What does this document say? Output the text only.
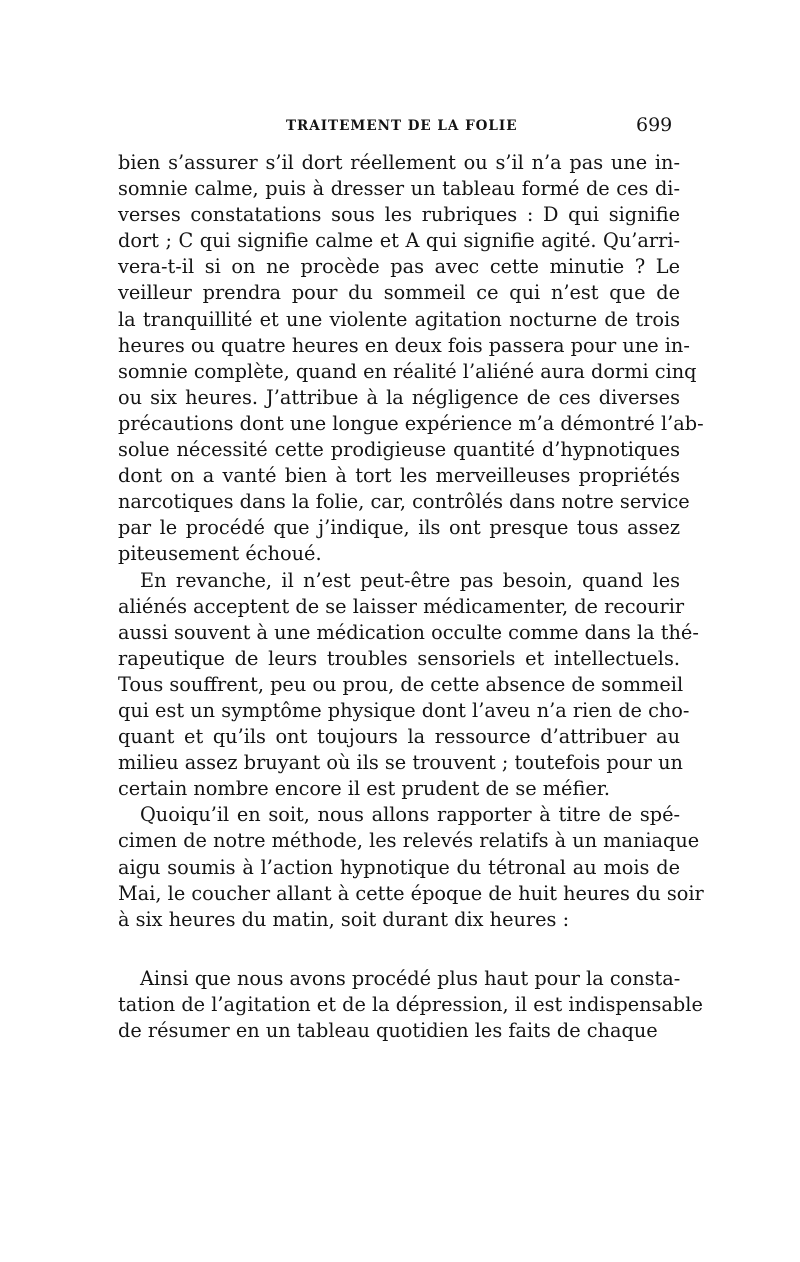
TRAITEMENT DE LA FOLIE	699
bien s’assurer s’il dort réellement ou s’il n’a pas une in-
somnie calme, puis à dresser un tableau formé de ces di-
verses constatations sous les rubriques : D qui signifie
dort ; C qui signifie calme et A qui signifie agité. Qu’arri-
vera-t-il si on ne procède pas avec cette minutie ? Le
veilleur prendra pour du sommeil ce qui n’est que de
la tranquillité et une violente agitation nocturne de trois
heures ou quatre heures en deux fois passera pour une in-
somnie complète, quand en réalité l’aliéné aura dormi cinq
ou six heures. J’attribue à la négligence de ces diverses
précautions dont une longue expérience m’a démontré l’ab-
solue nécessité cette prodigieuse quantité d’hypnotiques
dont on a vanté bien à tort les merveilleuses propriétés
narcotiques dans la folie, car, contrôlés dans notre service
par le procédé que j’indique, ils ont presque tous assez
piteusement échoué.
En revanche, il n’est peut-être pas besoin, quand les
aliénés acceptent de se laisser médicamenter, de recourir
aussi souvent à une médication occulte comme dans la thé-
rapeutique de leurs troubles sensoriels et intellectuels.
Tous souffrent, peu ou prou, de cette absence de sommeil
qui est un symptôme physique dont l’aveu n’a rien de cho-
quant et qu’ils ont toujours la ressource d’attribuer au
milieu assez bruyant où ils se trouvent ; toutefois pour un
certain nombre encore il est prudent de se méfier.
Quoiqu’il en soit, nous allons rapporter à titre de spé-
cimen de notre méthode, les relevés relatifs à un maniaque
aigu soumis à l’action hypnotique du tétronal au mois de
Mai, le coucher allant à cette époque de huit heures du soir
à six heures du matin, soit durant dix heures :
Ainsi que nous avons procédé plus haut pour la consta-
tation de l’agitation et de la dépression, il est indispensable
de résumer en un tableau quotidien les faits de chaque
